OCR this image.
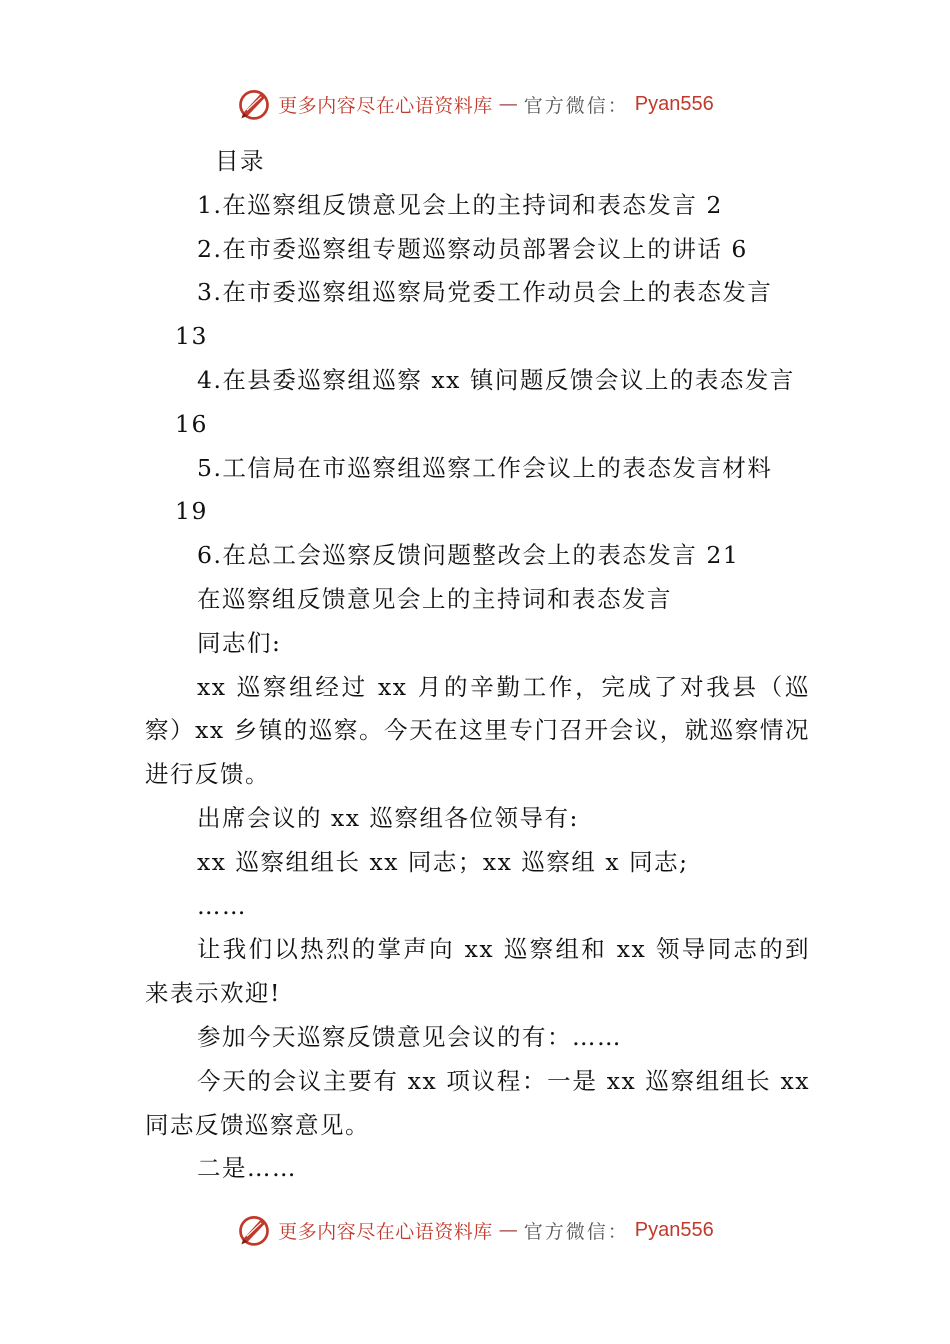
更多内容尽在心语资料库 — 官方微信： Pyan556
目录
1.在巡察组反馈意见会上的主持词和表态发言 2
2.在市委巡察组专题巡察动员部署会议上的讲话 6
3.在市委巡察组巡察局党委工作动员会上的表态发言
13
4.在县委巡察组巡察 xx 镇问题反馈会议上的表态发言
16
5.工信局在市巡察组巡察工作会议上的表态发言材料
19
6.在总工会巡察反馈问题整改会上的表态发言 21
在巡察组反馈意见会上的主持词和表态发言
同志们:

xx 巡察组经过 xx 月的辛勤工作，完成了对我县（巡察）xx 乡镇的巡察。今天在这里专门召开会议，就巡察情况进行反馈。

出席会议的 xx 巡察组各位领导有:

xx 巡察组组长 xx 同志；xx 巡察组 x 同志;

……

让我们以热烈的掌声向 xx 巡察组和 xx 领导同志的到来表示欢迎!

参加今天巡察反馈意见会议的有：……

今天的会议主要有 xx 项议程：一是 xx 巡察组组长 xx 同志反馈巡察意见。

二是……

更多内容尽在心语资料库 — 官方微信： Pyan556
